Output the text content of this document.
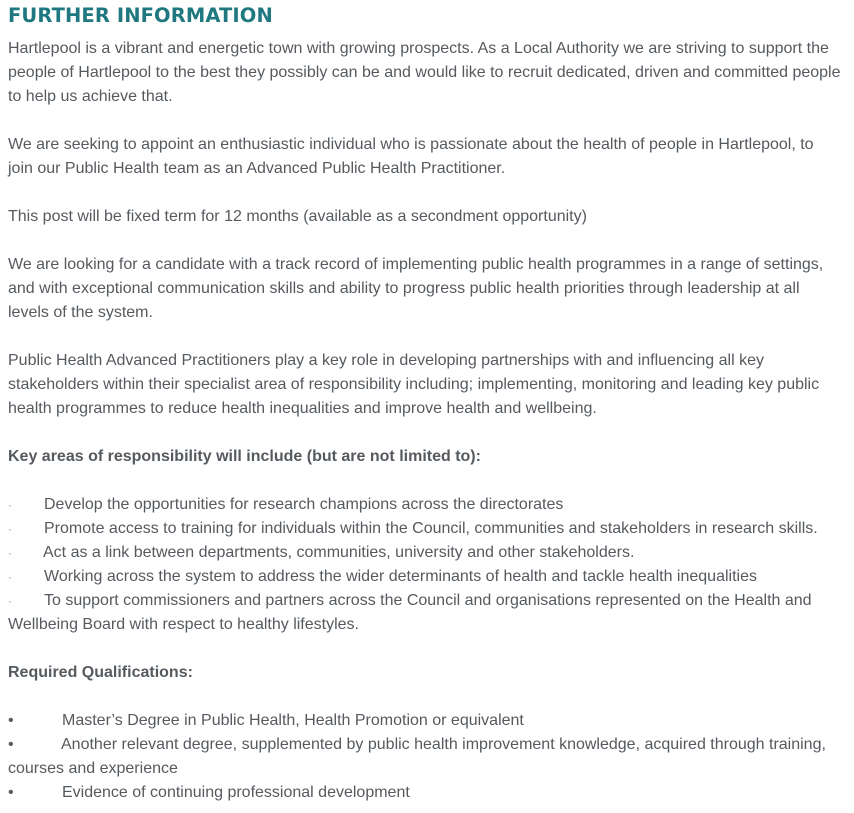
FURTHER INFORMATION

Hartlepool is a vibrant and energetic town with growing prospects. As a Local Authority we are striving to support the people of Hartlepool to the best they possibly can be and would like to recruit dedicated, driven and committed people to help us achieve that.

We are seeking to appoint an enthusiastic individual who is passionate about the health of people in Hartlepool, to join our Public Health team as an Advanced Public Health Practitioner.

This post will be fixed term for 12 months (available as a secondment opportunity)

We are looking for a candidate with a track record of implementing public health programmes in a range of settings, and with exceptional communication skills and ability to progress public health priorities through leadership at all levels of the system.

Public Health Advanced Practitioners play a key role in developing partnerships with and influencing all key stakeholders within their specialist area of responsibility including; implementing, monitoring and leading key public health programmes to reduce health inequalities and improve health and wellbeing.

Key areas of responsibility will include (but are not limited to):

· Develop the opportunities for research champions across the directorates
· Promote access to training for individuals within the Council, communities and stakeholders in research skills.
· Act as a link between departments, communities, university and other stakeholders.
· Working across the system to address the wider determinants of health and tackle health inequalities
· To support commissioners and partners across the Council and organisations represented on the Health and
Wellbeing Board with respect to healthy lifestyles.

Required Qualifications:

•	Master’s Degree in Public Health, Health Promotion or equivalent
•	Another relevant degree, supplemented by public health improvement knowledge, acquired through training,
courses and experience
•	Evidence of continuing professional development
